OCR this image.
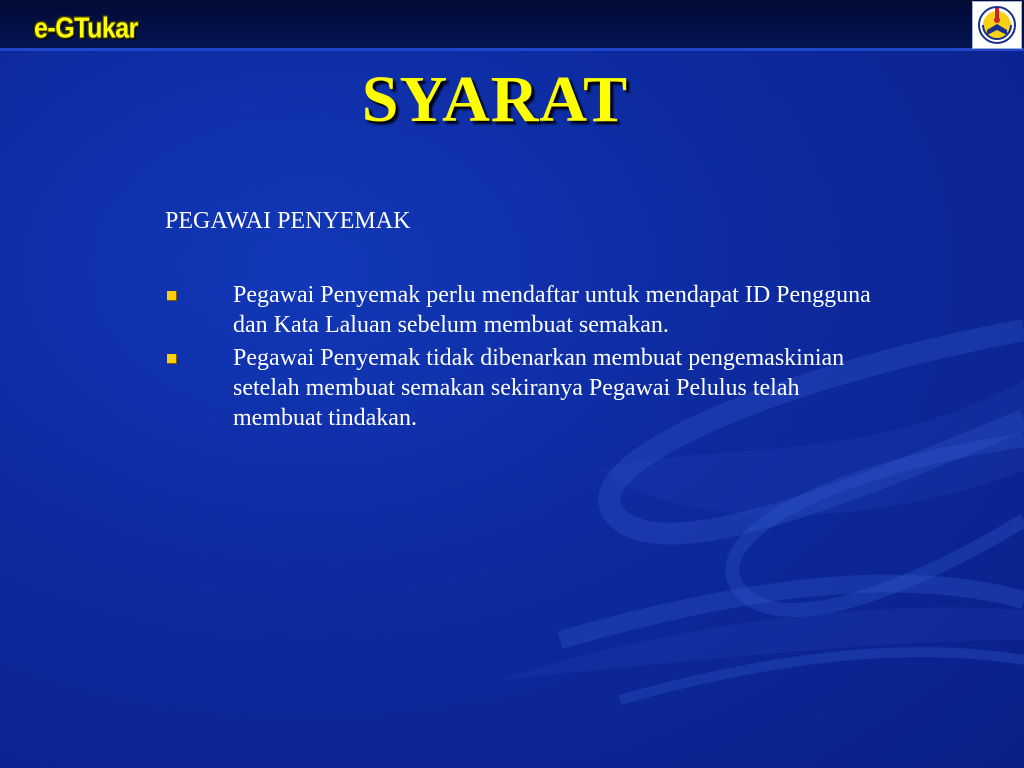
e-GTukar
SYARAT
PEGAWAI PENYEMAK
Pegawai Penyemak perlu mendaftar untuk mendapat ID Pengguna dan Kata Laluan sebelum membuat semakan.
Pegawai Penyemak tidak dibenarkan membuat pengemaskinian setelah membuat semakan sekiranya Pegawai Pelulus telah membuat tindakan.
